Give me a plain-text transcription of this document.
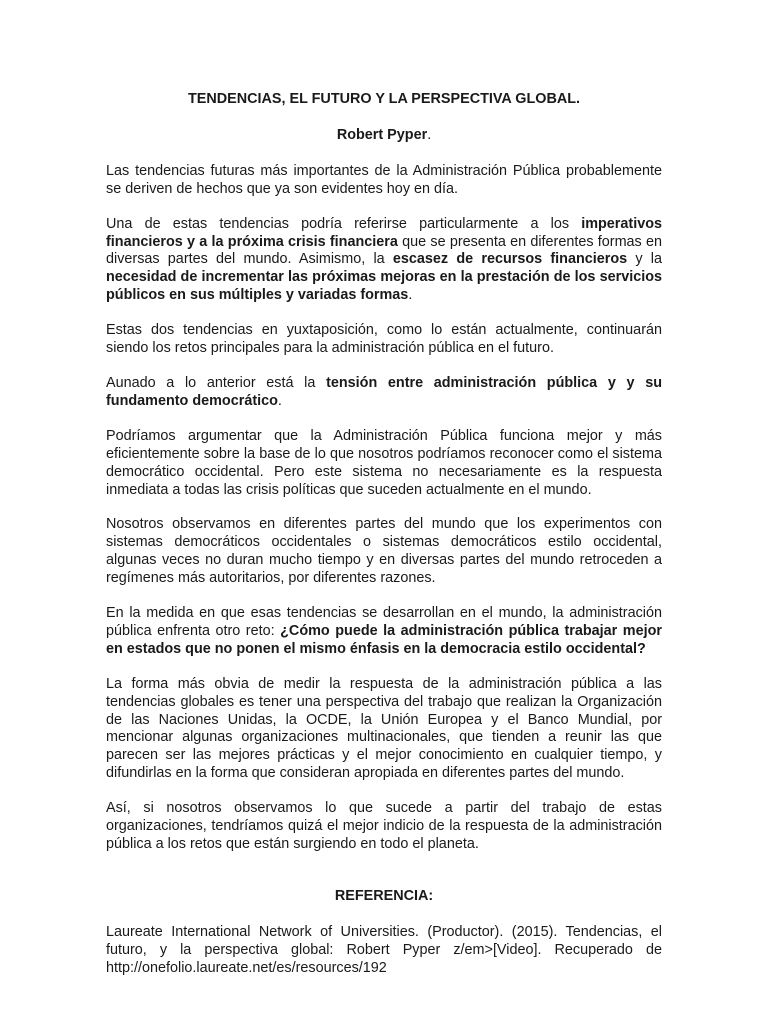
TENDENCIAS, EL FUTURO Y LA PERSPECTIVA GLOBAL.
Robert Pyper.

Las tendencias futuras más importantes de la Administración Pública probablemente se deriven de hechos que ya son evidentes hoy en día.

Una de estas tendencias podría referirse particularmente a los imperativos financieros y a la próxima crisis financiera que se presenta en diferentes formas en diversas partes del mundo. Asimismo, la escasez de recursos financieros y la necesidad de incrementar las próximas mejoras en la prestación de los servicios públicos en sus múltiples y variadas formas.

Estas dos tendencias en yuxtaposición, como lo están actualmente, continuarán siendo los retos principales para la administración pública en el futuro.

Aunado a lo anterior está la tensión entre administración pública y y su fundamento democrático.

Podríamos argumentar que la Administración Pública funciona mejor y más eficientemente sobre la base de lo que nosotros podríamos reconocer como el sistema democrático occidental. Pero este sistema no necesariamente es la respuesta inmediata a todas las crisis políticas que suceden actualmente en el mundo.

Nosotros observamos en diferentes partes del mundo que los experimentos con sistemas democráticos occidentales o sistemas democráticos estilo occidental, algunas veces no duran mucho tiempo y en diversas partes del mundo retroceden a regímenes más autoritarios, por diferentes razones.

En la medida en que esas tendencias se desarrollan en el mundo, la administración pública enfrenta otro reto: ¿Cómo puede la administración pública trabajar mejor en estados que no ponen el mismo énfasis en la democracia estilo occidental?

La forma más obvia de medir la respuesta de la administración pública a las tendencias globales es tener una perspectiva del trabajo que realizan la Organización de las Naciones Unidas, la OCDE, la Unión Europea y el Banco Mundial, por mencionar algunas organizaciones multinacionales, que tienden a reunir las que parecen ser las mejores prácticas y el mejor conocimiento en cualquier tiempo, y difundirlas en la forma que consideran apropiada en diferentes partes del mundo.

Así, si nosotros observamos lo que sucede a partir del trabajo de estas organizaciones, tendríamos quizá el mejor indicio de la respuesta de la administración pública a los retos que están surgiendo en todo el planeta.

REFERENCIA:

Laureate International Network of Universities. (Productor). (2015). Tendencias, el futuro, y la perspectiva global: Robert Pyper z/em>[Video]. Recuperado de http://onefolio.laureate.net/es/resources/192
